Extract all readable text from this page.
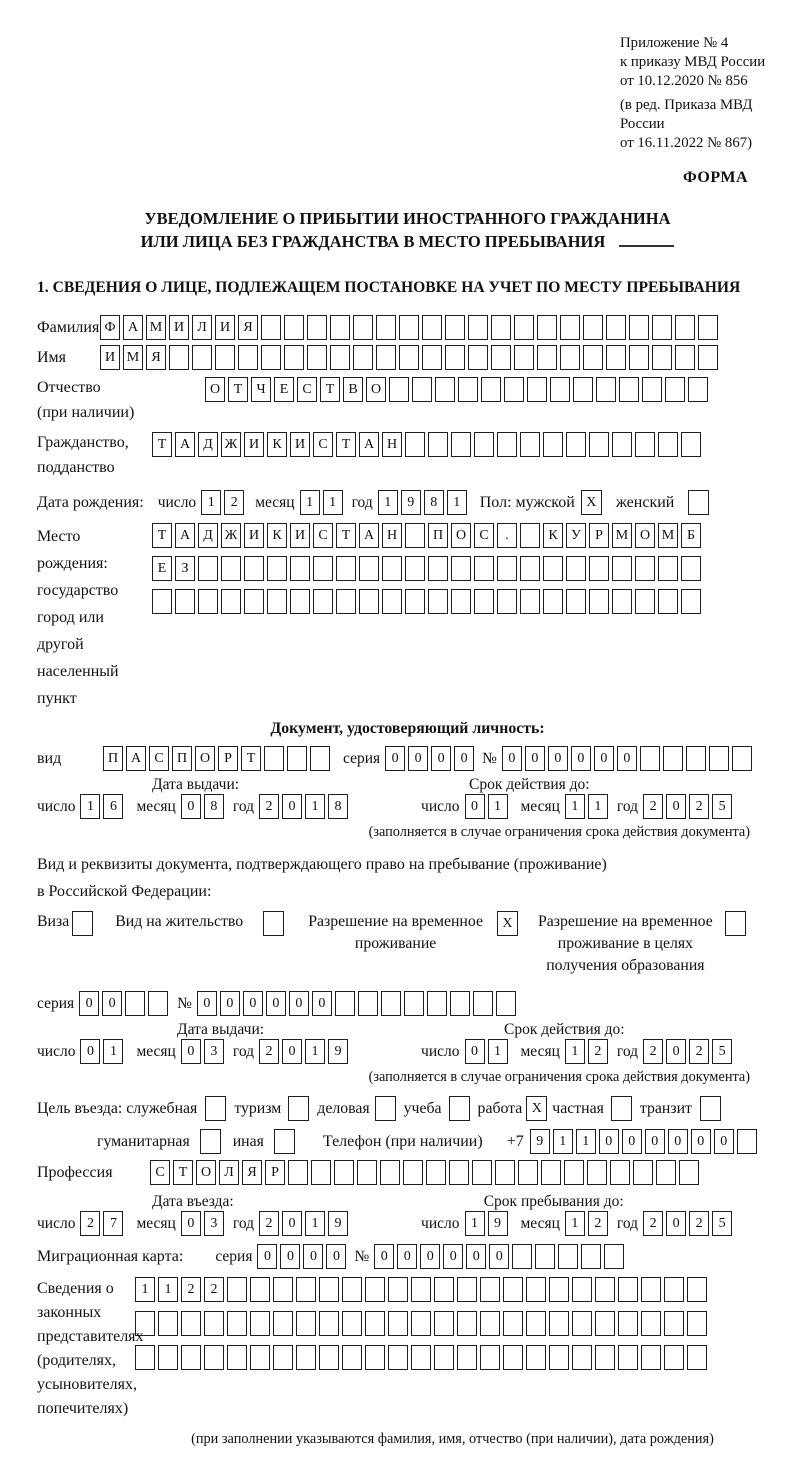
Приложение № 4
к приказу МВД России
от 10.12.2020 № 856
(в ред. Приказа МВД России
от 16.11.2022 № 867)
ФОРМА
УВЕДОМЛЕНИЕ О ПРИБЫТИИ ИНОСТРАННОГО ГРАЖДАНИНА
ИЛИ ЛИЦА БЕЗ ГРАЖДАНСТВА В МЕСТО ПРЕБЫВАНИЯ
1. СВЕДЕНИЯ О ЛИЦЕ, ПОДЛЕЖАЩЕМ ПОСТАНОВКЕ НА УЧЕТ ПО МЕСТУ ПРЕБЫВАНИЯ
Фамилия Ф А М И Л И Я
Имя	И М Я
Отчество
(при наличии)
О Т	Ч	Е	С	Т	В О
Гражданство,
подданство
Т А Д Ж И К И С	Т А Н
Дата рождения: число 1	2	месяц 1	1	год 1	9	8	1	Пол: мужской X	женский
Место рождения:
государство
город или другой
населенный пункт
Т А Д Ж И К И С	Т А Н	П О С	.	К У	Р М О М Б
Е	З
Документ, удостоверяющий личность:
вид	П А С П О	Р	Т	серия 0	0	0	0 № 0	0	0	0	0	0
Дата выдачи:	Срок действия до:
число 1	6	месяц 0	8	год 2	0	1	8	число 0	1	месяц 1	1	год 2	0	2	5
(заполняется в случае ограничения срока действия документа)
Вид и реквизиты документа, подтверждающего право на пребывание (проживание)
в Российской Федерации:
Виза	Вид на жительство	Разрешение на временное
проживание
X	Разрешение на временное
проживание в целях
получения образования
серия 0	0	№ 0	0	0	0	0	0
Дата выдачи:	Срок действия до:
число 0	1	месяц 0	3	год 2	0	1	9	число 0	1	месяц 1	2	год 2	0	2	5
(заполняется в случае ограничения срока действия документа)
Цель въезда: служебная туризм деловая учеба работа X частная транзит
гуманитарная	иная	Телефон (при наличии) +7 9	1	1	0	0	0	0	0	0
Профессия	С	Т О Л Я	Р
Дата въезда:	Срок пребывания до:
число 2	7	месяц 0	3	год 2	0	1	9	число 1	9	месяц 1	2	год 2	0	2	5
Миграционная карта: серия 0	0	0	0 № 0	0	0	0	0	0
Сведения о
законных
представителях
(родителях,
усыновителях,
попечителях)
1	1	2	2
(при заполнении указываются фамилия, имя, отчество (при наличии), дата рождения)
